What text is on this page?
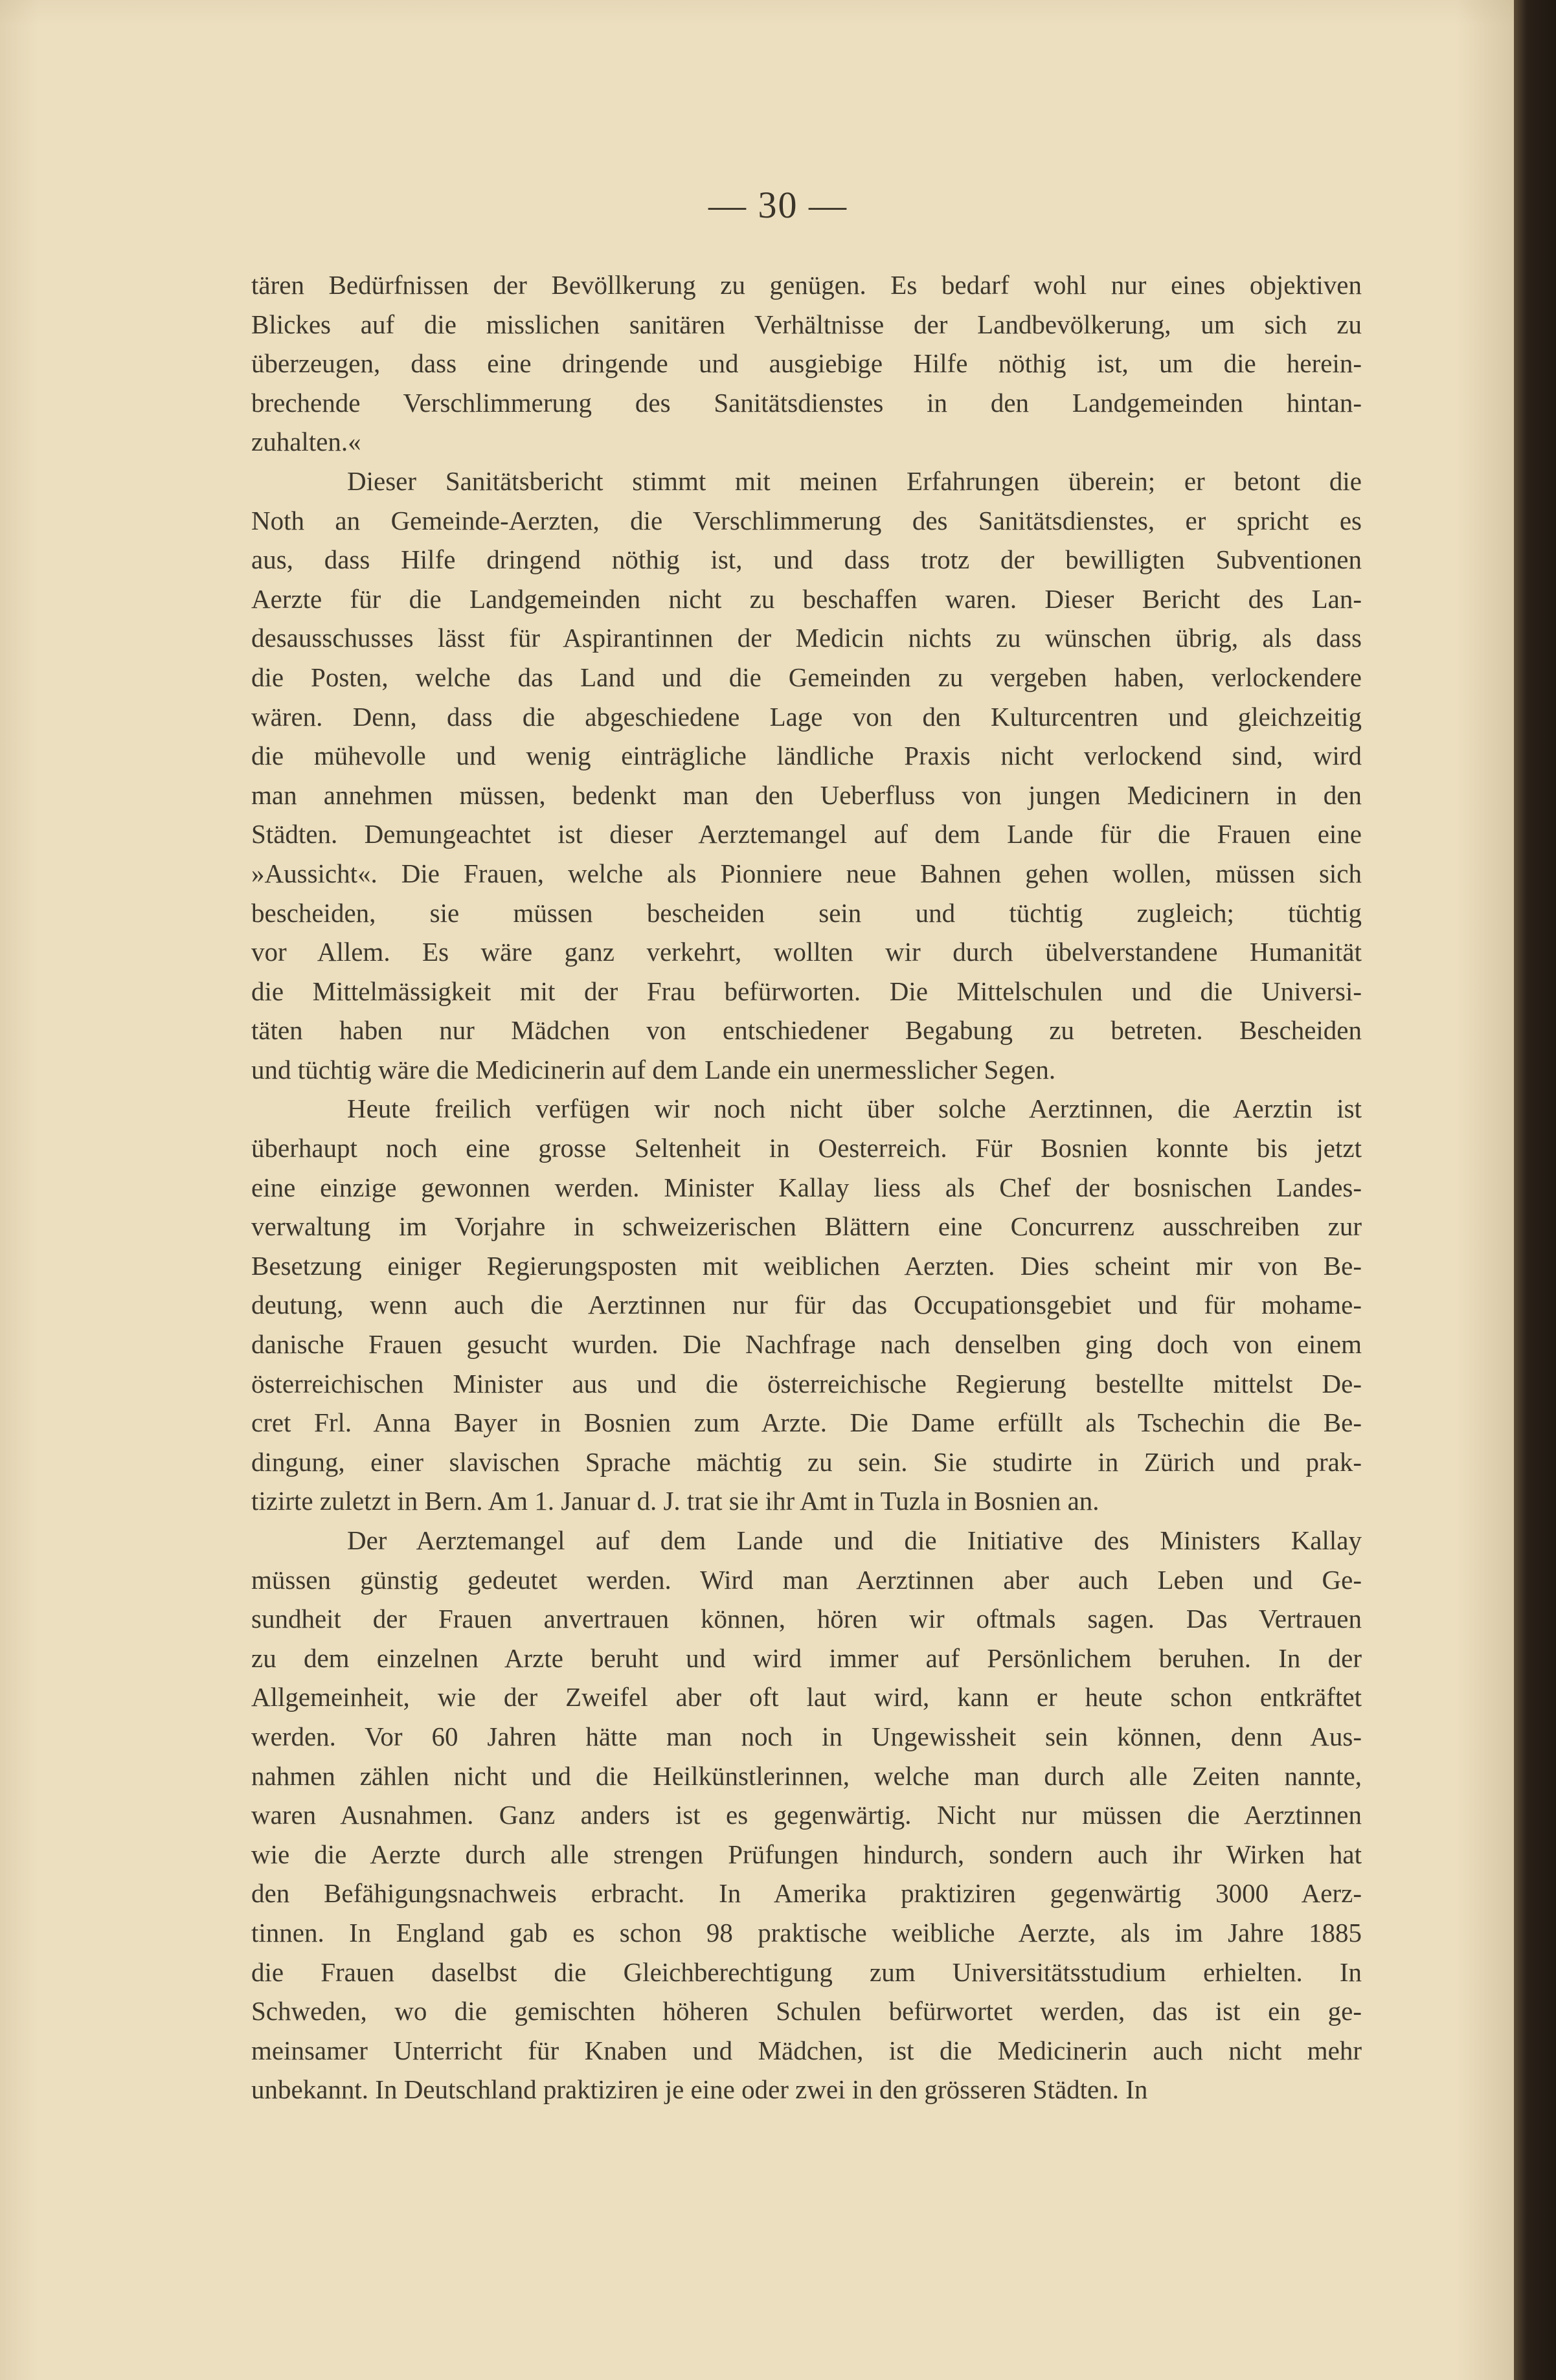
— 30 —
tären Bedürfnissen der Bevöllkerung zu genügen. Es bedarf wohl nur eines objektiven
Blickes auf die misslichen sanitären Verhältnisse der Landbevölkerung, um sich zu
überzeugen, dass eine dringende und ausgiebige Hilfe nöthig ist, um die herein-
brechende Verschlimmerung des Sanitätsdienstes in den Landgemeinden hintan-
zuhalten.«
Dieser Sanitätsbericht stimmt mit meinen Erfahrungen überein; er betont die
Noth an Gemeinde-Aerzten, die Verschlimmerung des Sanitätsdienstes, er spricht es
aus, dass Hilfe dringend nöthig ist, und dass trotz der bewilligten Subventionen
Aerzte für die Landgemeinden nicht zu beschaffen waren. Dieser Bericht des Lan-
desausschusses lässt für Aspirantinnen der Medicin nichts zu wünschen übrig, als dass
die Posten, welche das Land und die Gemeinden zu vergeben haben, verlockendere
wären. Denn, dass die abgeschiedene Lage von den Kulturcentren und gleichzeitig
die mühevolle und wenig einträgliche ländliche Praxis nicht verlockend sind, wird
man annehmen müssen, bedenkt man den Ueberfluss von jungen Medicinern in den
Städten. Demungeachtet ist dieser Aerztemangel auf dem Lande für die Frauen eine
»Aussicht«. Die Frauen, welche als Pionniere neue Bahnen gehen wollen, müssen sich
bescheiden, sie müssen bescheiden sein und tüchtig zugleich; tüchtig
vor Allem. Es wäre ganz verkehrt, wollten wir durch übelverstandene Humanität
die Mittelmässigkeit mit der Frau befürworten. Die Mittelschulen und die Universi-
täten haben nur Mädchen von entschiedener Begabung zu betreten. Bescheiden
und tüchtig wäre die Medicinerin auf dem Lande ein unermesslicher Segen.
Heute freilich verfügen wir noch nicht über solche Aerztinnen, die Aerztin ist
überhaupt noch eine grosse Seltenheit in Oesterreich. Für Bosnien konnte bis jetzt
eine einzige gewonnen werden. Minister Kallay liess als Chef der bosnischen Landes-
verwaltung im Vorjahre in schweizerischen Blättern eine Concurrenz ausschreiben zur
Besetzung einiger Regierungsposten mit weiblichen Aerzten. Dies scheint mir von Be-
deutung, wenn auch die Aerztinnen nur für das Occupationsgebiet und für mohame-
danische Frauen gesucht wurden. Die Nachfrage nach denselben ging doch von einem
österreichischen Minister aus und die österreichische Regierung bestellte mittelst De-
cret Frl. Anna Bayer in Bosnien zum Arzte. Die Dame erfüllt als Tschechin die Be-
dingung, einer slavischen Sprache mächtig zu sein. Sie studirte in Zürich und prak-
tizirte zuletzt in Bern. Am 1. Januar d. J. trat sie ihr Amt in Tuzla in Bosnien an.
Der Aerztemangel auf dem Lande und die Initiative des Ministers Kallay
müssen günstig gedeutet werden. Wird man Aerztinnen aber auch Leben und Ge-
sundheit der Frauen anvertrauen können, hören wir oftmals sagen. Das Vertrauen
zu dem einzelnen Arzte beruht und wird immer auf Persönlichem beruhen. In der
Allgemeinheit, wie der Zweifel aber oft laut wird, kann er heute schon entkräftet
werden. Vor 60 Jahren hätte man noch in Ungewissheit sein können, denn Aus-
nahmen zählen nicht und die Heilkünstlerinnen, welche man durch alle Zeiten nannte,
waren Ausnahmen. Ganz anders ist es gegenwärtig. Nicht nur müssen die Aerztinnen
wie die Aerzte durch alle strengen Prüfungen hindurch, sondern auch ihr Wirken hat
den Befähigungsnachweis erbracht. In Amerika praktiziren gegenwärtig 3000 Aerz-
tinnen. In England gab es schon 98 praktische weibliche Aerzte, als im Jahre 1885
die Frauen daselbst die Gleichberechtigung zum Universitätsstudium erhielten. In
Schweden, wo die gemischten höheren Schulen befürwortet werden, das ist ein ge-
meinsamer Unterricht für Knaben und Mädchen, ist die Medicinerin auch nicht mehr
unbekannt. In Deutschland praktiziren je eine oder zwei in den grösseren Städten. In
